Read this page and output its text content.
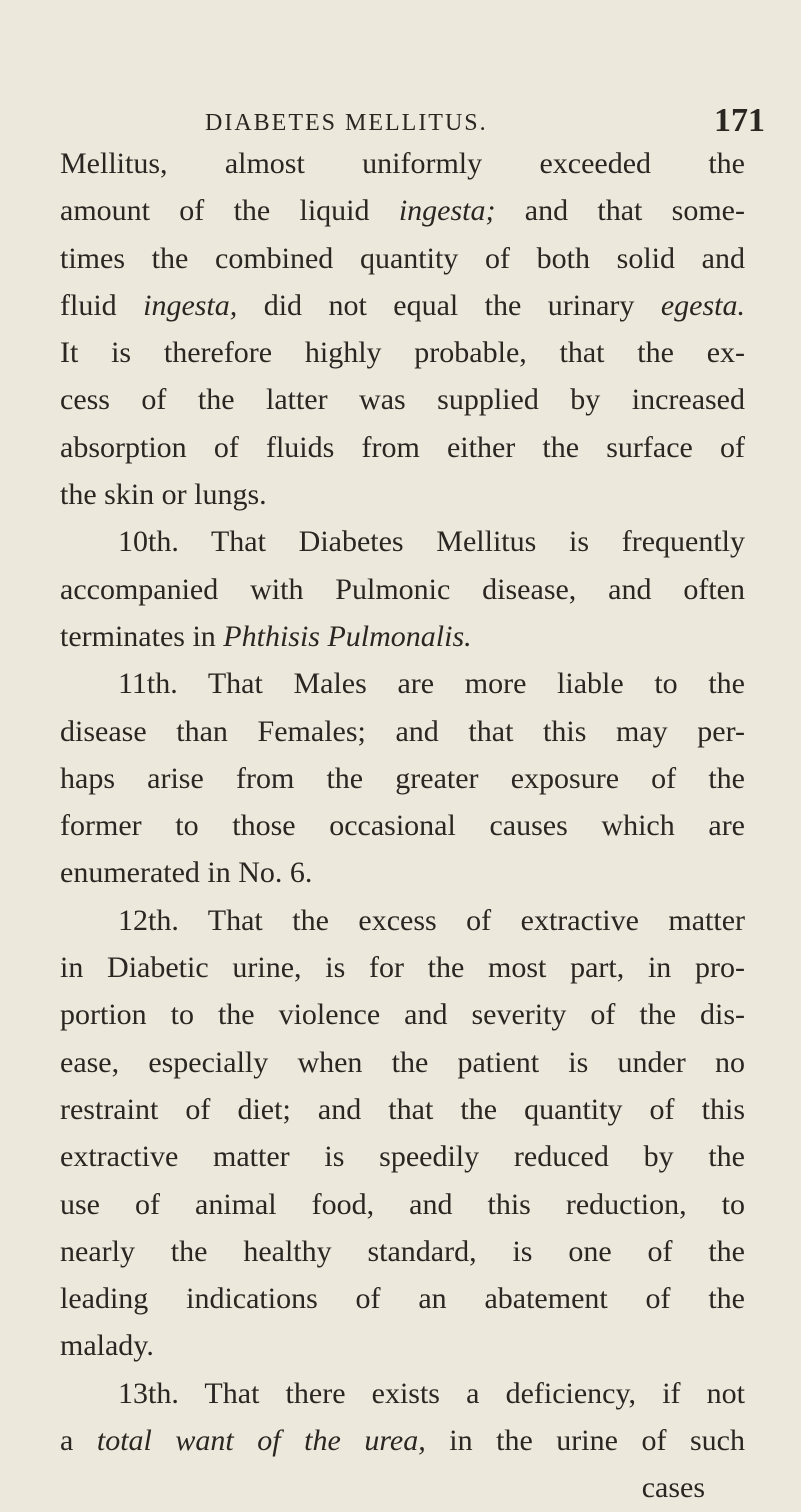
DIABETES MELLITUS.	171
Mellitus, almost uniformly exceeded the
amount of the liquid ingesta; and that some-
times the combined quantity of both solid and
fluid ingesta, did not equal the urinary egesta.
It is therefore highly probable, that the ex-
cess of the latter was supplied by increased
absorption of fluids from either the surface of
the skin or lungs.
10th. That Diabetes Mellitus is frequently
accompanied with Pulmonic disease, and often
terminates in Phthisis Pulmonalis.
11th. That Males are more liable to the
disease than Females; and that this may per-
haps arise from the greater exposure of the
former to those occasional causes which are
enumerated in No. 6.
12th. That the excess of extractive matter
in Diabetic urine, is for the most part, in pro-
portion to the violence and severity of the dis-
ease, especially when the patient is under no
restraint of diet; and that the quantity of this
extractive matter is speedily reduced by the
use of animal food, and this reduction, to
nearly the healthy standard, is one of the
leading indications of an abatement of the
malady.
13th. That there exists a deficiency, if not
a total want of the urea, in the urine of such
cases
